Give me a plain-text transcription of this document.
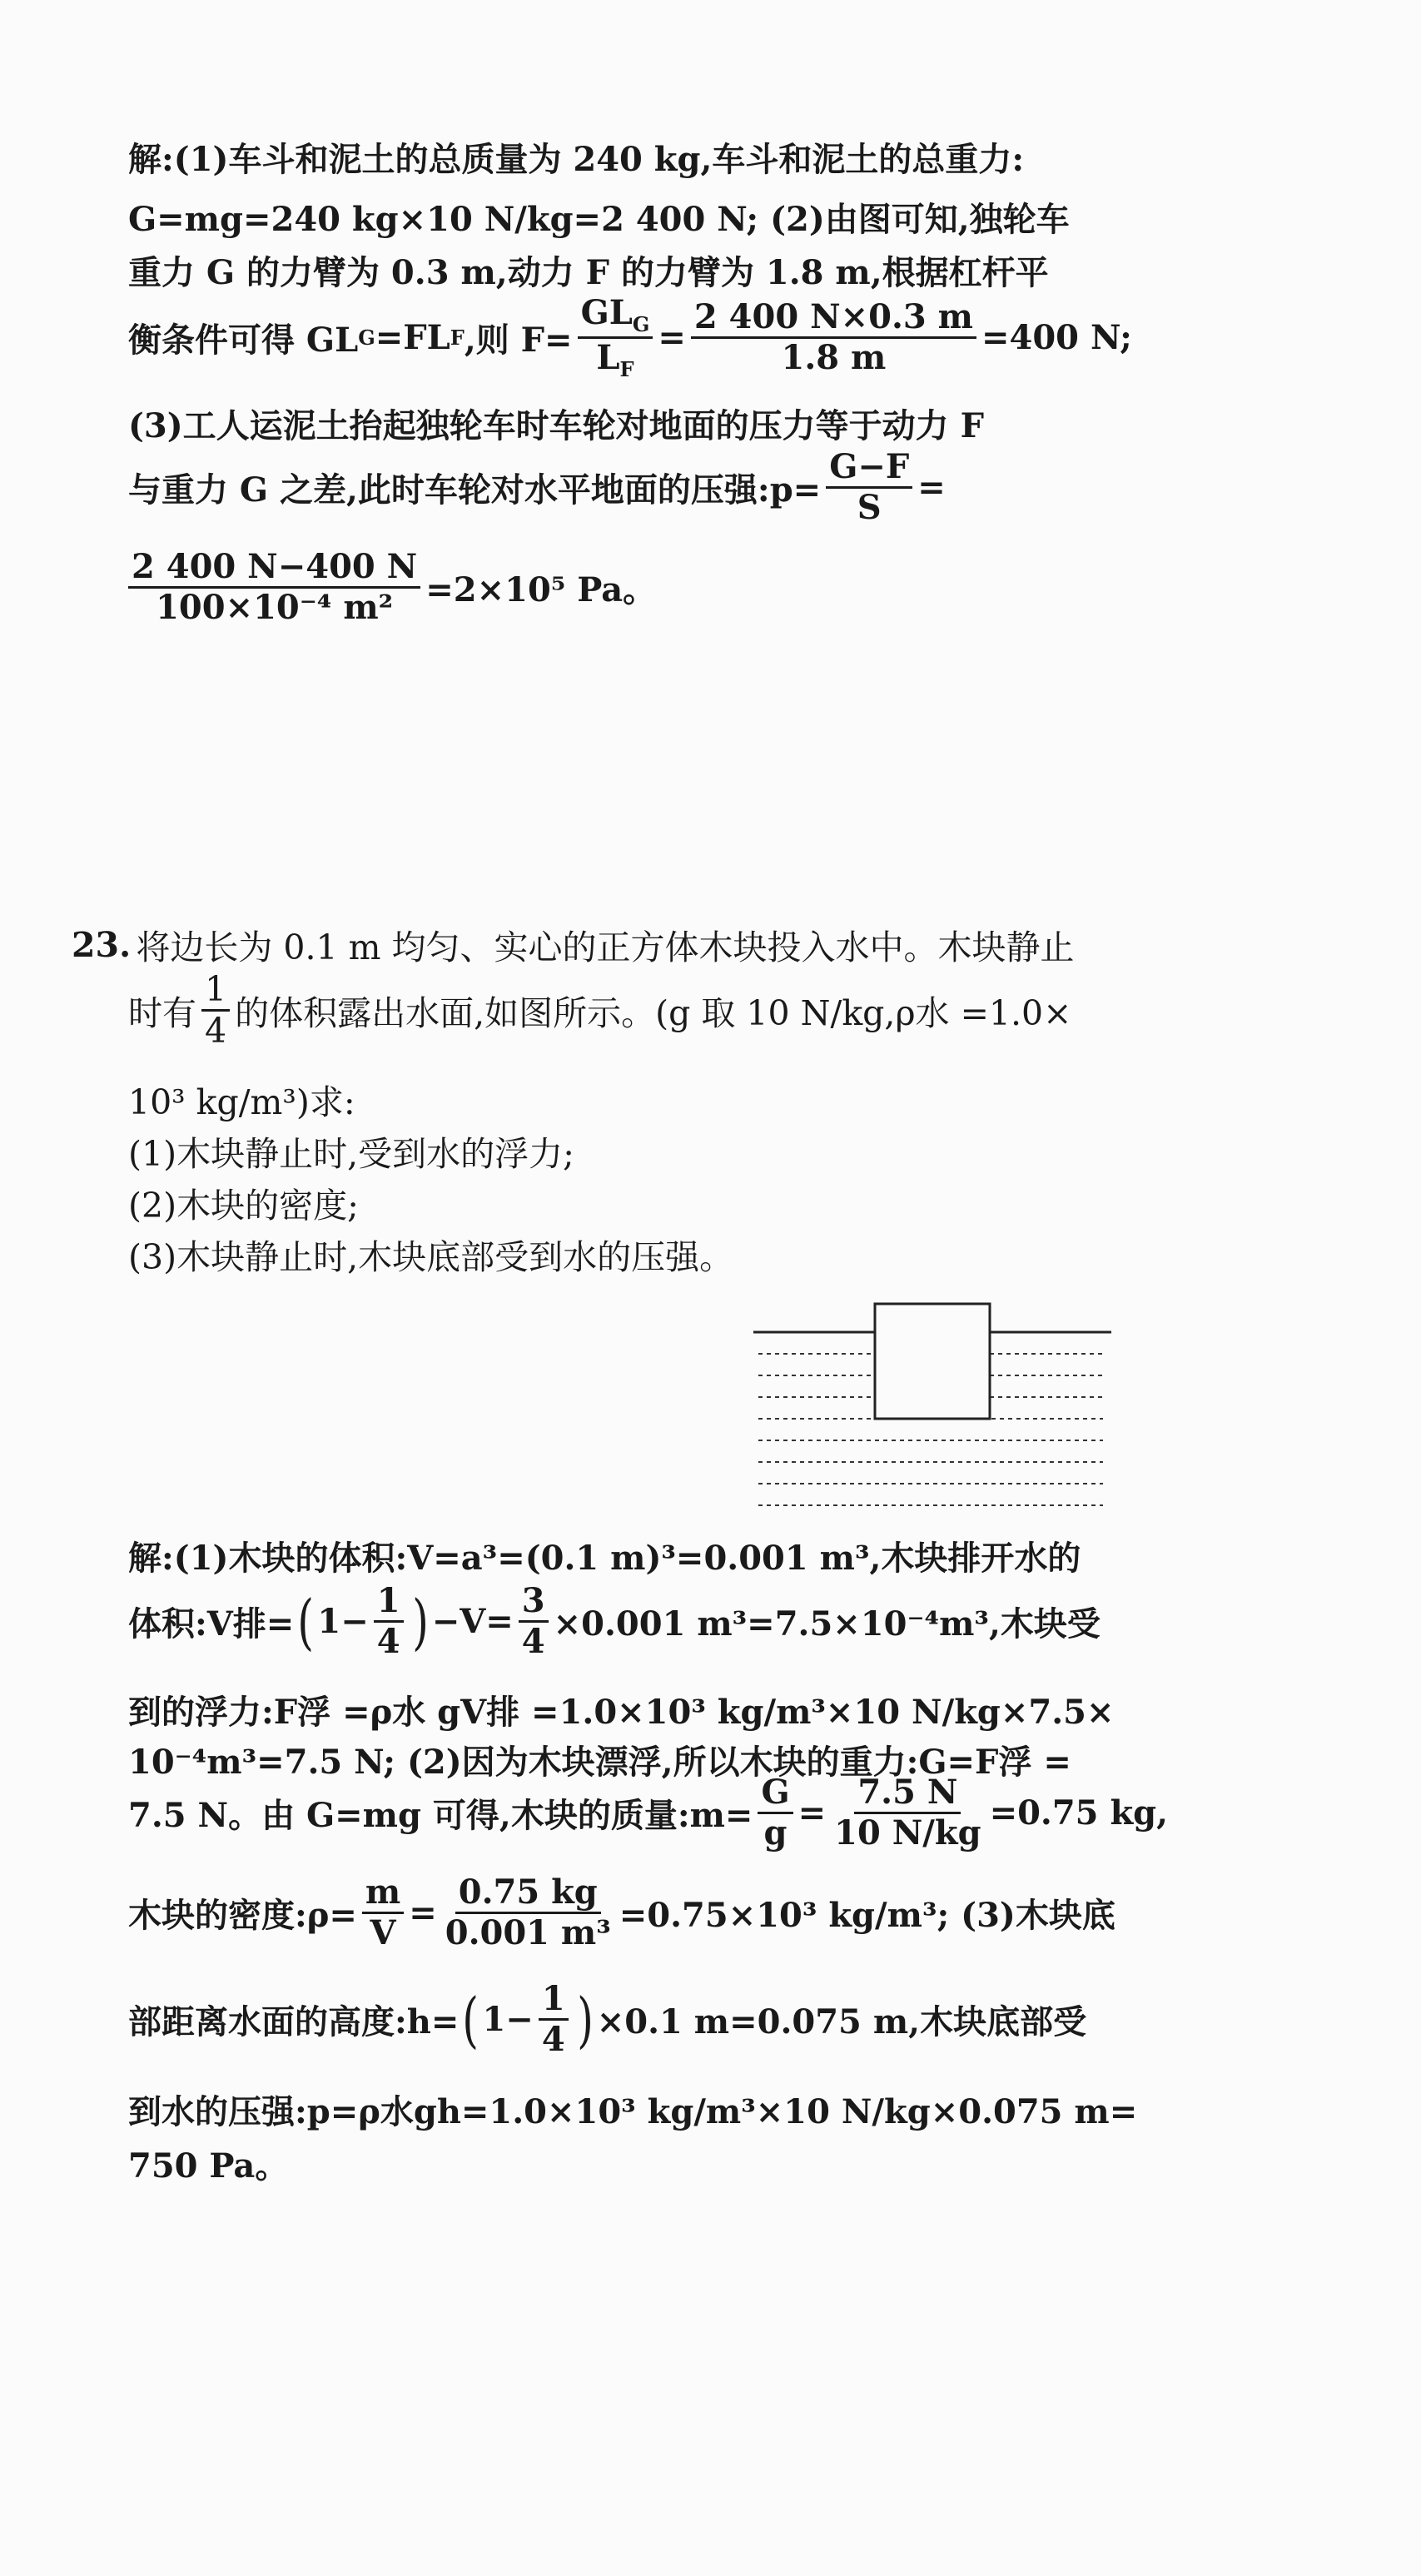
解:(1)车斗和泥土的总质量为 240 kg,车斗和泥土的总重力:
G=mg=240 kg×10 N/kg=2 400 N; (2)由图可知,独轮车
重力 G 的力臂为 0.3 m,动力 F 的力臂为 1.8 m,根据杠杆平
衡条件可得 GL G =FL F ,则 $F= \frac{GL_G}{L_F} = \frac{2 400 N\times 0.3 m}{1.8 m} =400$ N;
(3)工人运泥土抬起独轮车时车轮对地面的压力等于动力 F
与重力 G 之差,此时车轮对水平地面的压强:p= $\frac{G-F}{S}$ =
$\frac{2 400 N-400 N}{\text{100×10⁻⁴ m²}} =2\times 10^5$ Pa。
23. 将边长为 0.1 m 均匀、实心的正方体木块投入水中。木块静止
时有 $\frac{1}{4}$ 的体积露出水面,如图所示。(g 取 10 N/kg,ρ水 =1.0×
10³ kg/m³)求:
(1)木块静止时,受到水的浮力;
(2)木块的密度;
(3)木块静止时,木块底部受到水的压强。
解:(1)木块的体积:V=a³=(0.1 m)³=0.001 m³,木块排开水的
体积:V排= ( $1- \frac{1}{4}$ ) $-V= \frac{3}{4} \times 0.001$ m³=7.5×10⁻⁴m³,木块受
到的浮力:F浮 =ρ水 gV排 =1.0×10³ kg/m³×10 N/kg×7.5×
10⁻⁴m³=7.5 N; (2)因为木块漂浮,所以木块的重力:G=F浮 =
7.5 N。由 G=mg 可得,木块的质量:m= $\frac{G}{g} = \frac{7.5 N}{10 N/kg} =0.75$ kg,
木块的密度:ρ= $\frac{m}{V} = \frac{0.75 kg}{\text{0.001 m³}} =0.75\times 10^3$ kg/m³; (3)木块底
部距离水面的高度:h= ( $1- \frac{1}{4}$ ) ×0.1 m=0.075 m,木块底部受
到水的压强:p=ρ水gh=1.0×10³ kg/m³×10 N/kg×0.075 m=
750 Pa。
